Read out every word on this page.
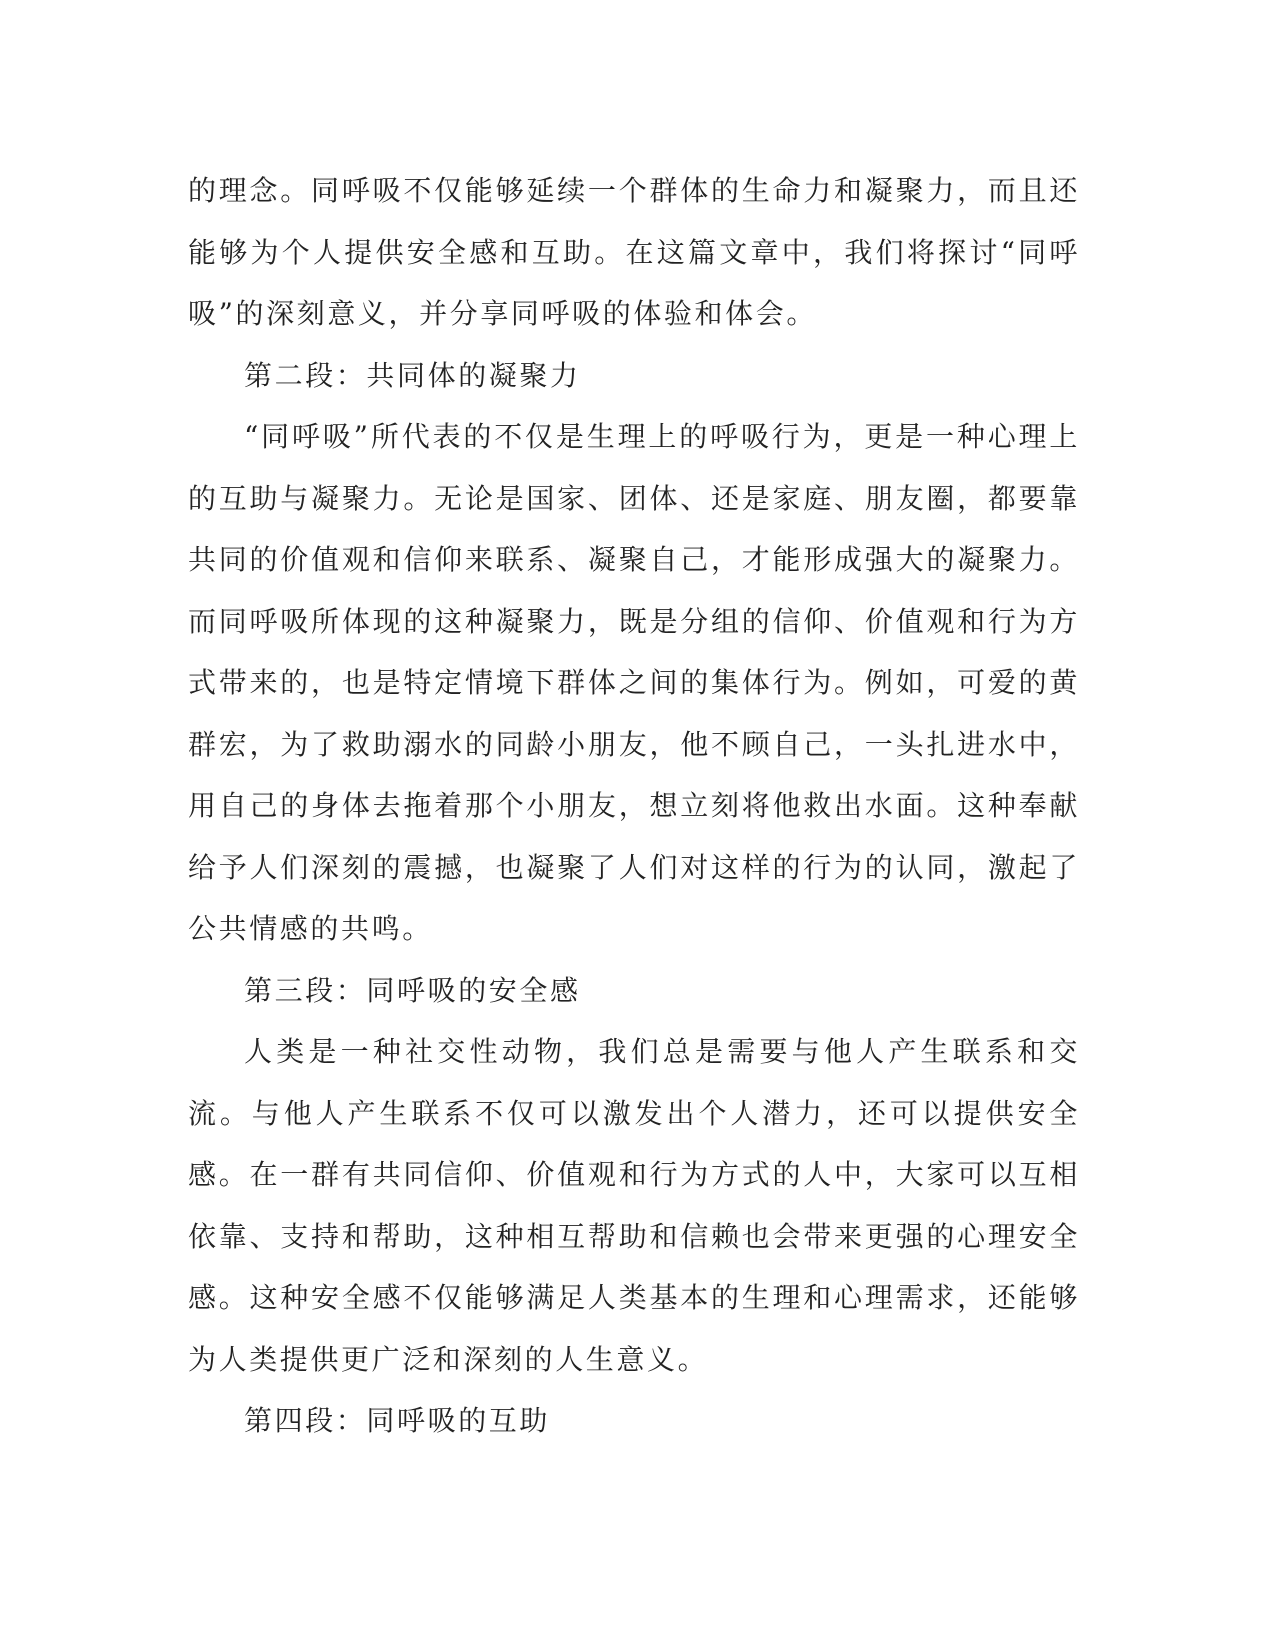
的理念。同呼吸不仅能够延续一个群体的生命力和凝聚力，而且还能够为个人提供安全感和互助。在这篇文章中，我们将探讨“同呼吸”的深刻意义，并分享同呼吸的体验和体会。

第二段：共同体的凝聚力

“同呼吸”所代表的不仅是生理上的呼吸行为，更是一种心理上的互助与凝聚力。无论是国家、团体、还是家庭、朋友圈，都要靠共同的价值观和信仰来联系、凝聚自己，才能形成强大的凝聚力。而同呼吸所体现的这种凝聚力，既是分组的信仰、价值观和行为方式带来的，也是特定情境下群体之间的集体行为。例如，可爱的黄群宏，为了救助溺水的同龄小朋友，他不顾自己，一头扎进水中，用自己的身体去拖着那个小朋友，想立刻将他救出水面。这种奉献给予人们深刻的震撼，也凝聚了人们对这样的行为的认同，激起了公共情感的共鸣。

第三段：同呼吸的安全感

人类是一种社交性动物，我们总是需要与他人产生联系和交流。与他人产生联系不仅可以激发出个人潜力，还可以提供安全感。在一群有共同信仰、价值观和行为方式的人中，大家可以互相依靠、支持和帮助，这种相互帮助和信赖也会带来更强的心理安全感。这种安全感不仅能够满足人类基本的生理和心理需求，还能够为人类提供更广泛和深刻的人生意义。

第四段：同呼吸的互助
